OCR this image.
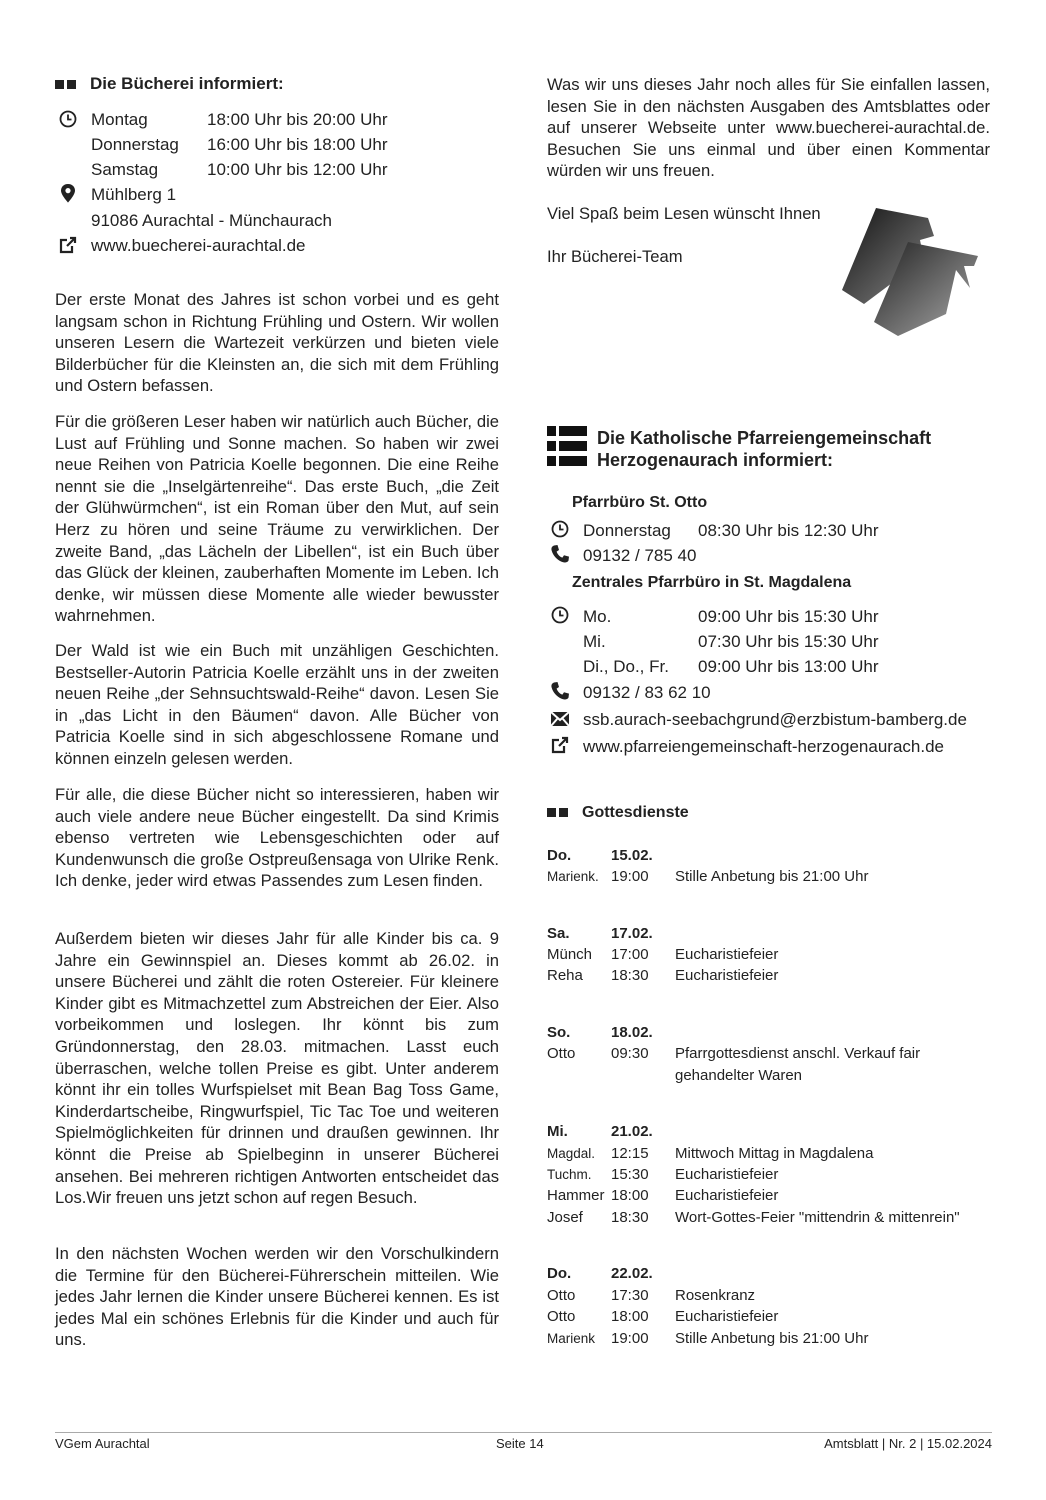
Die Bücherei informiert:
Montag	18:00 Uhr bis 20:00 Uhr
Donnerstag 16:00 Uhr bis 18:00 Uhr
Samstag	10:00 Uhr bis 12:00 Uhr
Mühlberg 1
91086 Aurachtal - Münchaurach
www.buecherei-aurachtal.de

Der erste Monat des Jahres ist schon vorbei und es geht langsam schon in Richtung Frühling und Ostern. Wir wollen unseren Lesern die Wartezeit verkürzen und bieten viele Bilderbücher für die Kleinsten an, die sich mit dem Frühling und Ostern befassen.

Für die größeren Leser haben wir natürlich auch Bücher, die Lust auf Frühling und Sonne machen. So haben wir zwei neue Reihen von Patricia Koelle begonnen. Die eine Reihe nennt sie die „Inselgärtenreihe“. Das erste Buch, „die Zeit der Glühwürmchen“, ist ein Roman über den Mut, auf sein Herz zu hören und seine Träume zu verwirklichen. Der zweite Band, „das Lächeln der Libellen“, ist ein Buch über das Glück der kleinen, zauberhaften Momente im Leben. Ich denke, wir müssen diese Momente alle wieder bewusster wahrnehmen.

Der Wald ist wie ein Buch mit unzähligen Geschichten. Bestseller-Autorin Patricia Koelle erzählt uns in der zweiten neuen Reihe „der Sehnsuchtswald-Reihe“ davon. Lesen Sie in „das Licht in den Bäumen“ davon. Alle Bücher von Patricia Koelle sind in sich abgeschlossene Romane und können einzeln gelesen werden.

Für alle, die diese Bücher nicht so interessieren, haben wir auch viele andere neue Bücher eingestellt. Da sind Krimis ebenso vertreten wie Lebensgeschichten oder auf Kundenwunsch die große Ostpreußensaga von Ulrike Renk. Ich denke, jeder wird etwas Passendes zum Lesen finden.

Außerdem bieten wir dieses Jahr für alle Kinder bis ca. 9 Jahre ein Gewinnspiel an. Dieses kommt ab 26.02. in unsere Bücherei und zählt die roten Ostereier. Für kleinere Kinder gibt es Mitmachzettel zum Abstreichen der Eier. Also vorbeikommen und loslegen. Ihr könnt bis zum Gründonnerstag, den 28.03. mitmachen. Lasst euch überraschen, welche tollen Preise es gibt. Unter anderem könnt ihr ein tolles Wurfspielset mit Bean Bag Toss Game, Kinderdartscheibe, Ringwurfspiel, Tic Tac Toe und weiteren Spielmöglichkeiten für drinnen und draußen gewinnen. Ihr könnt die Preise ab Spielbeginn in unserer Bücherei ansehen. Bei mehreren richtigen Antworten entscheidet das Los.Wir freuen uns jetzt schon auf regen Besuch.

In den nächsten Wochen werden wir den Vorschulkindern die Termine für den Bücherei-Führerschein mitteilen. Wie jedes Jahr lernen die Kinder unsere Bücherei kennen. Es ist jedes Mal ein schönes Erlebnis für die Kinder und auch für uns.

Was wir uns dieses Jahr noch alles für Sie einfallen lassen, lesen Sie in den nächsten Ausgaben des Amtsblattes oder auf unserer Webseite unter www.buecherei-aurachtal.de. Besuchen Sie uns einmal und über einen Kommentar würden wir uns freuen.

Viel Spaß beim Lesen wünscht Ihnen
Ihr Bücherei-Team
Die Katholische Pfarreiengemeinschaft
Herzogenaurach informiert:
Pfarrbüro St. Otto
Donnerstag 08:30 Uhr bis 12:30 Uhr
09132 / 785 40
Zentrales Pfarrbüro in St. Magdalena
Mo.	09:00 Uhr bis 15:30 Uhr
Mi.	07:30 Uhr bis 15:30 Uhr
Di., Do., Fr. 09:00 Uhr bis 13:00 Uhr
09132 / 83 62 10
ssb.aurach-seebachgrund@erzbistum-bamberg.de
www.pfarreiengemeinschaft-herzogenaurach.de
Gottesdienste
Do.	15.02.
Marienk. 19:00 Stille Anbetung bis 21:00 Uhr
Sa.	17.02.
Münch 17:00 Eucharistiefeier
Reha 18:30 Eucharistiefeier
So.	18.02.
Otto 09:30 Pfarrgottesdienst anschl. Verkauf fair
gehandelter Waren
Mi.	21.02.
Magdal. 12:15 Mittwoch Mittag in Magdalena
Tuchm. 15:30 Eucharistiefeier
Hammer 18:00 Eucharistiefeier
Josef 18:30 Wort-Gottes-Feier "mittendrin & mittenrein"
Do.	22.02.
Otto 17:30 Rosenkranz
Otto 18:00 Eucharistiefeier
Marienk 19:00 Stille Anbetung bis 21:00 Uhr
VGem Aurachtal	Seite 14	Amtsblatt | Nr. 2 | 15.02.2024
